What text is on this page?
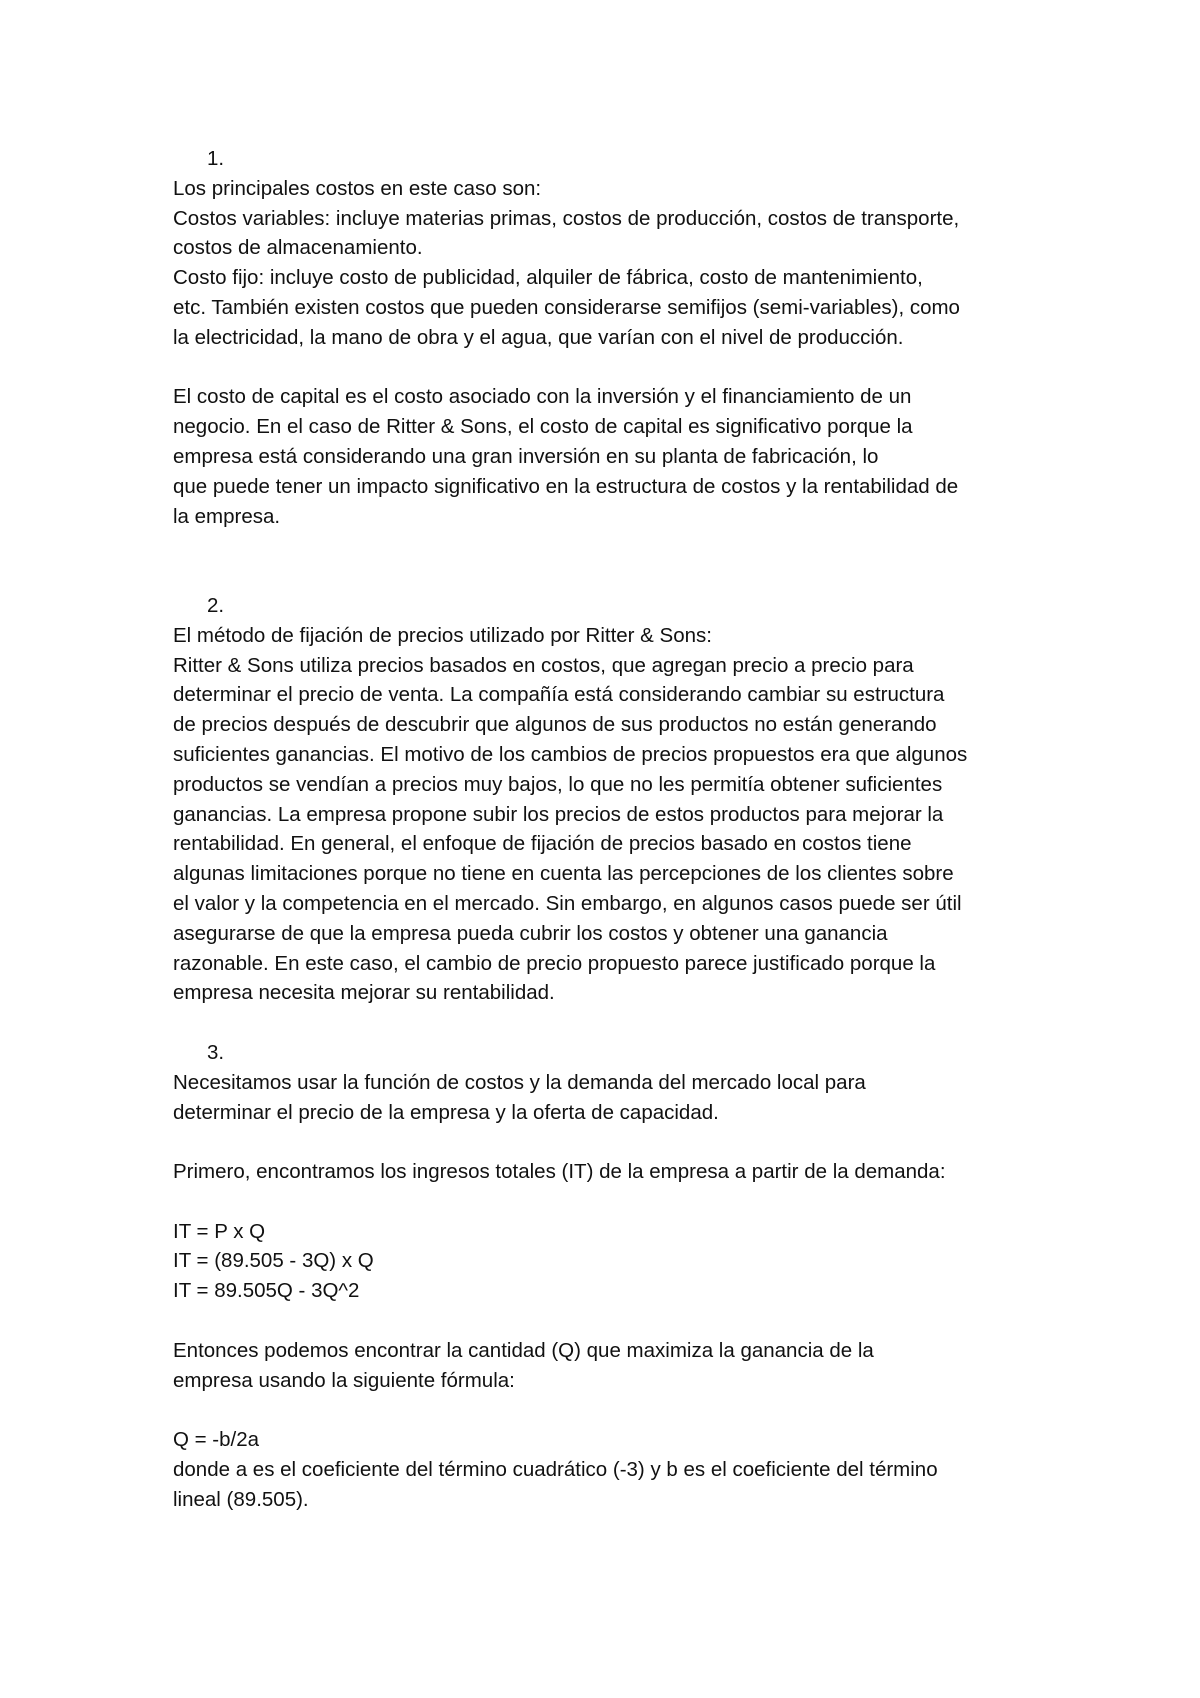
1.
Los principales costos en este caso son:
Costos variables: incluye materias primas, costos de producción, costos de transporte,
costos de almacenamiento.
Costo fijo: incluye costo de publicidad, alquiler de fábrica, costo de mantenimiento,
etc. También existen costos que pueden considerarse semifijos (semi-variables), como
la electricidad, la mano de obra y el agua, que varían con el nivel de producción.
El costo de capital es el costo asociado con la inversión y el financiamiento de un
negocio. En el caso de Ritter & Sons, el costo de capital es significativo porque la
empresa está considerando una gran inversión en su planta de fabricación, lo
que puede tener un impacto significativo en la estructura de costos y la rentabilidad de
la empresa.
2.
El método de fijación de precios utilizado por Ritter & Sons:
Ritter & Sons utiliza precios basados en costos, que agregan precio a precio para
determinar el precio de venta. La compañía está considerando cambiar su estructura
de precios después de descubrir que algunos de sus productos no están generando
suficientes ganancias. El motivo de los cambios de precios propuestos era que algunos
productos se vendían a precios muy bajos, lo que no les permitía obtener suficientes
ganancias. La empresa propone subir los precios de estos productos para mejorar la
rentabilidad. En general, el enfoque de fijación de precios basado en costos tiene
algunas limitaciones porque no tiene en cuenta las percepciones de los clientes sobre
el valor y la competencia en el mercado. Sin embargo, en algunos casos puede ser útil
asegurarse de que la empresa pueda cubrir los costos y obtener una ganancia
razonable. En este caso, el cambio de precio propuesto parece justificado porque la
empresa necesita mejorar su rentabilidad.
3.
Necesitamos usar la función de costos y la demanda del mercado local para
determinar el precio de la empresa y la oferta de capacidad.
Primero, encontramos los ingresos totales (IT) de la empresa a partir de la demanda:
IT = P x Q
IT = (89.505 - 3Q) x Q
IT = 89.505Q - 3Q^2
Entonces podemos encontrar la cantidad (Q) que maximiza la ganancia de la
empresa usando la siguiente fórmula:
Q = -b/2a
donde a es el coeficiente del término cuadrático (-3) y b es el coeficiente del término
lineal (89.505).
